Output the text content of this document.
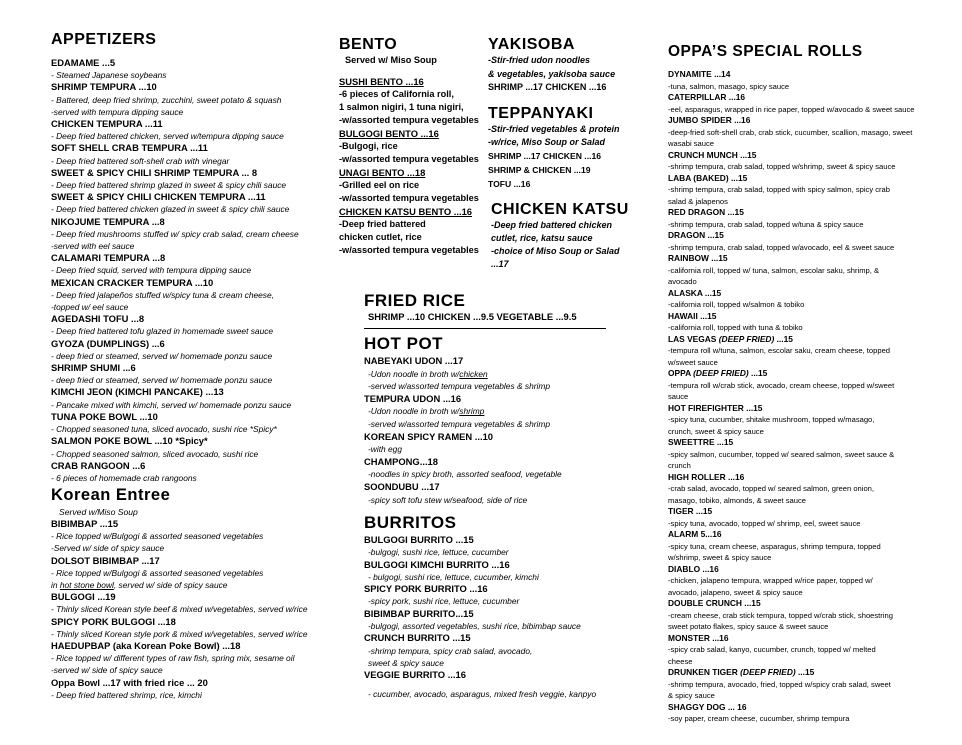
APPETIZERS
EDAMAME ...5
- Steamed Japanese soybeans
SHRIMP TEMPURA ...10
- Battered, deep fried shrimp, zucchini, sweet potato & squash
-served with tempura dipping sauce
CHICKEN TEMPURA ...11
- Deep fried battered chicken, served w/tempura dipping sauce
SOFT SHELL CRAB TEMPURA ...11
- Deep fried battered soft-shell crab with vinegar
SWEET & SPICY CHILI SHRIMP TEMPURA ... 8
- Deep fried battered shrimp glazed in sweet & spicy chili sauce
SWEET & SPICY CHILI CHICKEN TEMPURA ...11
- Deep fried battered chicken glazed in sweet & spicy chili sauce
NIKOJUME TEMPURA ...8
- Deep fried mushrooms stuffed w/ spicy crab salad, cream cheese
-served with eel sauce
CALAMARI TEMPURA ...8
- Deep fried squid, served with tempura dipping sauce
MEXICAN CRACKER TEMPURA ...10
- Deep fried jalapeños stuffed w/spicy tuna & cream cheese,
-topped w/ eel sauce
AGEDASHI TOFU ...8
- Deep fried battered tofu glazed in homemade sweet sauce
GYOZA (DUMPLINGS) ...6
- deep fried or steamed, served w/ homemade ponzu sauce
SHRIMP SHUMI ...6
- deep fried or steamed, served w/ homemade ponzu sauce
KIMCHI JEON (KIMCHI PANCAKE) ...13
- Pancake mixed with kimchi, served w/ homemade ponzu sauce
TUNA POKE BOWL ...10
- Chopped seasoned tuna, sliced avocado, sushi rice *Spicy*
SALMON POKE BOWL ...10 *Spicy*
- Chopped seasoned salmon, sliced avocado, sushi rice
CRAB RANGOON ...6
- 6 pieces of homemade crab rangoons
Korean Entree
Served w/Miso Soup
BIBIMBAP ...15
- Rice topped w/Bulgogi & assorted seasoned vegetables
-Served w/ side of spicy sauce
DOLSOT BIBIMBAP ...17
- Rice topped w/Bulgogi & assorted seasoned vegetables
in hot stone bowl, served w/ side of spicy sauce
BULGOGI ...19
- Thinly sliced Korean style beef & mixed w/vegetables, served w/rice
SPICY PORK BULGOGI ...18
- Thinly sliced Korean style pork & mixed w/vegetables, served w/rice
HAEDUPBAP (aka Korean Poke Bowl) ...18
- Rice topped w/ different types of raw fish, spring mix, sesame oil
-served w/ side of spicy sauce
Oppa Bowl ...17 with fried rice ... 20
- Deep fried battered shrimp, rice, kimchi
BENTO
Served w/ Miso Soup
SUSHI BENTO ...16
-6 pieces of California roll,
1 salmon nigiri, 1 tuna nigiri,
-w/assorted tempura vegetables
BULGOGI BENTO ...16
-Bulgogi, rice
-w/assorted tempura vegetables
UNAGI BENTO ...18
-Grilled eel on rice
-w/assorted tempura vegetables
CHICKEN KATSU BENTO ...16
-Deep fried battered
chicken cutlet, rice
-w/assorted tempura vegetables
YAKISOBA
-Stir-fried udon noodles
& vegetables, yakisoba sauce
SHRIMP ...17 CHICKEN ...16
TEPPANYAKI
-Stir-fried vegetables & protein
-w/rice, Miso Soup or Salad
SHRIMP ...17 CHICKEN ...16
SHRIMP & CHICKEN ...19
TOFU ...16
CHICKEN KATSU
-Deep fried battered chicken
cutlet, rice, katsu sauce
-choice of Miso Soup or Salad
...17
FRIED RICE
SHRIMP ...10 CHICKEN ...9.5 VEGETABLE ...9.5
HOT POT
NABEYAKI UDON ...17
-Udon noodle in broth w/chicken
-served w/assorted tempura vegetables & shrimp
TEMPURA UDON ...16
-Udon noodle in broth w/shrimp
-served w/assorted tempura vegetables & shrimp
KOREAN SPICY RAMEN ...10
-with egg
CHAMPONG...18
-noodles in spicy broth, assorted seafood, vegetable
SOONDUBU ...17
-spicy soft tofu stew w/seafood, side of rice
BURRITOS
BULGOGI BURRITO ...15
-bulgogi, sushi rice, lettuce, cucumber
BULGOGI KIMCHI BURRITO ...16
- bulgogi, sushi rice, lettuce, cucumber, kimchi
SPICY PORK BURRITO ...16
-spicy pork, sushi rice, lettuce, cucumber
BIBIMBAP BURRITO...15
-bulgogi, assorted vegetables, sushi rice, bibimbap sauce
CRUNCH BURRITO ...15
-shrimp tempura, spicy crab salad, avocado,
sweet & spicy sauce
VEGGIE BURRITO ...16
- cucumber, avocado, asparagus, mixed fresh veggie, kanpyo
OPPA’S SPECIAL ROLLS
DYNAMITE ...14
-tuna, salmon, masago, spicy sauce
CATERPILLAR ...16
-eel, asparagus, wrapped in rice paper, topped w/avocado & sweet sauce
JUMBO SPIDER ...16
-deep-fried soft-shell crab, crab stick, cucumber, scallion, masago, sweet
wasabi sauce
CRUNCH MUNCH ...15
-shrimp tempura, crab salad, topped w/shrimp, sweet & spicy sauce
LABA (BAKED) ...15
-shrimp tempura, crab salad, topped with spicy salmon, spicy crab
salad & jalapenos
RED DRAGON ...15
-shrimp tempura, crab salad, topped w/tuna & spicy sauce
DRAGON ...15
-shrimp tempura, crab salad, topped w/avocado, eel & sweet sauce
RAINBOW ...15
-california roll, topped w/ tuna, salmon, escolar saku, shrimp, &
avocado
ALASKA ...15
-california roll, topped w/salmon & tobiko
HAWAII ...15
-california roll, topped with tuna & tobiko
LAS VEGAS (DEEP FRIED) ...15
-tempura roll w/tuna, salmon, escolar saku, cream cheese, topped
w/sweet sauce
OPPA (DEEP FRIED) ...15
-tempura roll w/crab stick, avocado, cream cheese, topped w/sweet
sauce
HOT FIREFIGHTER ...15
-spicy tuna, cucumber, shitake mushroom, topped w/masago,
crunch, sweet & spicy sauce
SWEETTRE ...15
-spicy salmon, cucumber, topped w/ seared salmon, sweet sauce &
crunch
HIGH ROLLER ...16
-crab salad, avocado, topped w/ seared salmon, green onion,
masago, tobiko, almonds, & sweet sauce
TIGER ...15
-spicy tuna, avocado, topped w/ shrimp, eel, sweet sauce
ALARM 5...16
-spicy tuna, cream cheese, asparagus, shrimp tempura, topped
w/shrimp, sweet & spicy sauce
DIABLO ...16
-chicken, jalapeno tempura, wrapped w/rice paper, topped w/
avocado, jalapeno, sweet & spicy sauce
DOUBLE CRUNCH ...15
-cream cheese, crab stick tempura, topped w/crab stick, shoestring
sweet potato flakes, spicy sauce & sweet sauce
MONSTER ...16
-spicy crab salad, kanyo, cucumber, crunch, topped w/ melted
cheese
DRUNKEN TIGER (DEEP FRIED) ...15
-shrimp tempura, avocado, fried, topped w/spicy crab salad, sweet
& spicy sauce
SHAGGY DOG ... 16
-soy paper, cream cheese, cucumber, shrimp tempura
